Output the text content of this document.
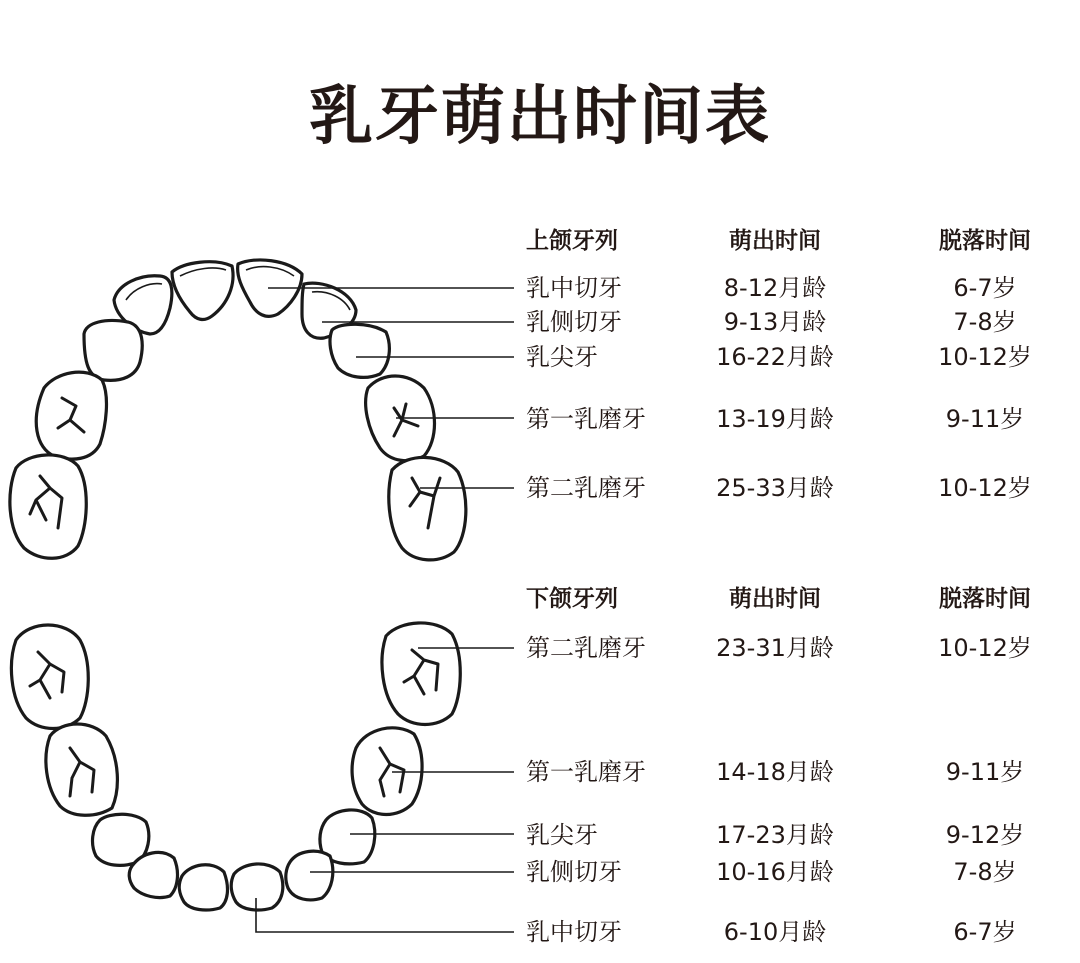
乳牙萌出时间表
上颌牙列	萌出时间	脱落时间
乳中切牙	8-12月龄	6-7岁
乳侧切牙	9-13月龄	7-8岁
乳尖牙	16-22月龄	10-12岁
第一乳磨牙	13-19月龄	9-11岁
第二乳磨牙	25-33月龄	10-12岁
下颌牙列	萌出时间	脱落时间
第二乳磨牙	23-31月龄	10-12岁
第一乳磨牙	14-18月龄	9-11岁
乳尖牙	17-23月龄	9-12岁
乳侧切牙	10-16月龄	7-8岁
乳中切牙	6-10月龄	6-7岁
